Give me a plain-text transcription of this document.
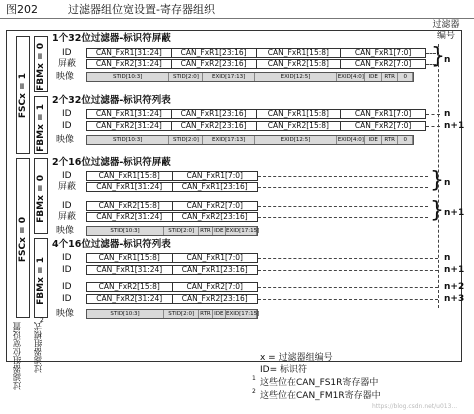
图202	过滤器组位宽设置-寄存器组织
过滤器编号
FSCx = 1
FSCx = 0
FBMx = 0
FBMx = 1
FBMx = 0
FBMx = 1
过滤器组位宽设置 过滤器组模式
2
1个32位过滤器-标识符屏蔽
ID	CAN_FxR1[31:24]	CAN_FxR1[23:16]	CAN_FxR1[15:8]	CAN_FxR1[7:0]
屏蔽	CAN_FxR2[31:24]	CAN_FxR2[23:16]	CAN_FxR2[15:8]	CAN_FxR2[7:0]
映像	STID[10:3]	STID[2:0]	EXID[17:13]	EXID[12:5]	EXID[4:0] IDE	RTR	0
} n
2个32位过滤器-标识符列表
ID	CAN_FxR1[31:24]	CAN_FxR1[23:16]	CAN_FxR1[15:8]	CAN_FxR1[7:0]
ID	CAN_FxR2[31:24]	CAN_FxR2[23:16]	CAN_FxR2[15:8]	CAN_FxR2[7:0]
映像	STID[10:3]	STID[2:0]	EXID[17:13]	EXID[12:5]	EXID[4:0] IDE	RTR	0
n
n+1
2个16位过滤器-标识符屏蔽
ID	CAN_FxR1[15:8]	CAN_FxR1[7:0]
屏蔽	CAN_FxR1[31:24]	CAN_FxR1[23:16]
ID	CAN_FxR2[15:8]	CAN_FxR2[7:0]
屏蔽	CAN_FxR2[31:24]	CAN_FxR2[23:16]
映像	STID[10:3]	STID[2:0]	RTR IDE EXID[17:15]
}
}
n
n+1
4个16位过滤器-标识符列表
ID	CAN_FxR1[15:8]	CAN_FxR1[7:0]
ID	CAN_FxR1[31:24]	CAN_FxR1[23:16]
ID	CAN_FxR2[15:8]	CAN_FxR2[7:0]
ID	CAN_FxR2[31:24]	CAN_FxR2[23:16]
映像	STID[10:3]	STID[2:0]	RTR IDE EXID[17:15]
n
n+1
n+2
n+3
x = 过滤器组编号
ID= 标识符
1 这些位在CAN_FS1R寄存器中
2 这些位在CAN_FM1R寄存器中
https://blog.csdn.net/u013...
